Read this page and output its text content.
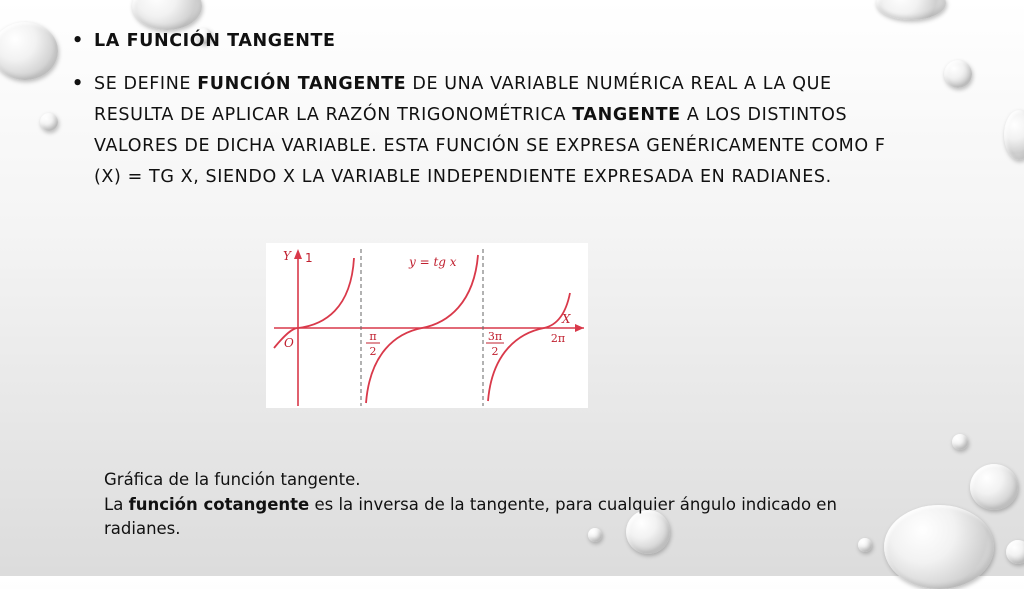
• LA FUNCIÓN TANGENTE
• SE DEFINE FUNCIÓN TANGENTE DE UNA VARIABLE NUMÉRICA REAL A LA QUE RESULTA DE APLICAR LA RAZÓN TRIGONOMÉTRICA TANGENTE A LOS DISTINTOS VALORES DE DICHA VARIABLE. ESTA FUNCIÓN SE EXPRESA GENÉRICAMENTE COMO F (X) = TG X, SIENDO X LA VARIABLE INDEPENDIENTE EXPRESADA EN RADIANES.
Y 1	y = tg x
X
O	π
2
3π
2
2π
Gráfica de la función tangente.
La función cotangente es la inversa de la tangente, para cualquier ángulo indicado en radianes.
